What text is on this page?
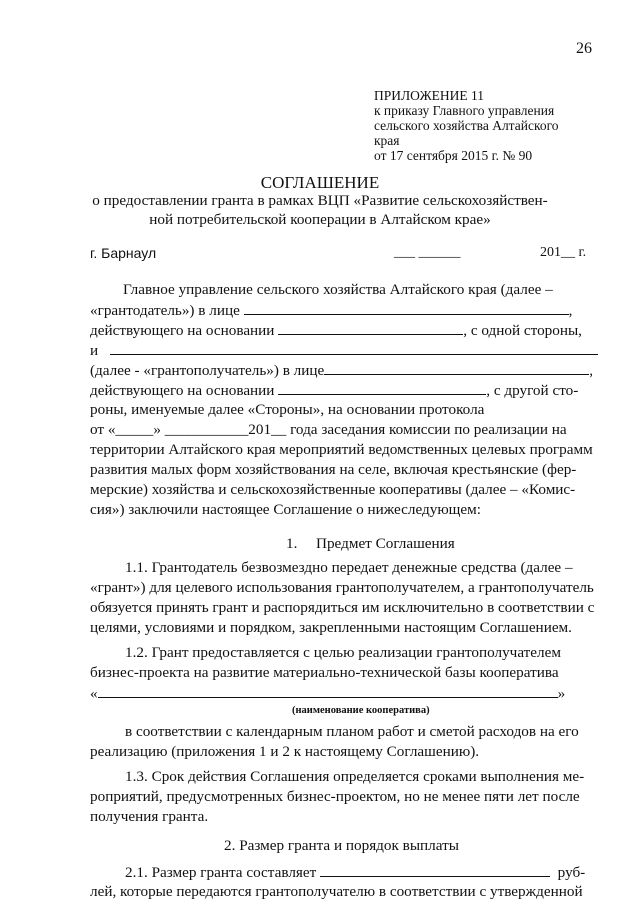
26
ПРИЛОЖЕНИЕ 11
к приказу Главного управления
сельского хозяйства Алтайского
края
от 17 сентября 2015 г. № 90
СОГЛАШЕНИЕ
о предоставлении гранта в рамках ВЦП «Развитие сельскохозяйствен-
ной потребительской кооперации в Алтайском крае»
г. Барнаул	___ ______	201__ г.
Главное управление сельского хозяйства Алтайского края (далее –
«грантодатель») в лице	,
действующего на основании	, с одной стороны,
и
(далее - «грантополучатель») в лице	,
действующего на основании	, с другой сто-
роны, именуемые далее «Стороны», на основании протокола
от «_____» ___________201__ года заседания комиссии по реализации на
территории Алтайского края мероприятий ведомственных целевых программ
развития малых форм хозяйствования на селе, включая крестьянские (фер-
мерские) хозяйства и сельскохозяйственные кооперативы (далее – «Комис-
сия») заключили настоящее Соглашение о нижеследующем:
1. Предмет Соглашения
1.1. Грантодатель безвозмездно передает денежные средства (далее –
«грант») для целевого использования грантополучателем, а грантополучатель
обязуется принять грант и распорядиться им исключительно в соответствии с
целями, условиями и порядком, закрепленными настоящим Соглашением.
1.2. Грант предоставляется с целью реализации грантополучателем
бизнес-проекта на развитие материально-технической базы кооператива
«	»
(наименование кооператива)
в соответствии с календарным планом работ и сметой расходов на его
реализацию (приложения 1 и 2 к настоящему Соглашению).
1.3. Срок действия Соглашения определяется сроками выполнения ме-
роприятий, предусмотренных бизнес-проектом, но не менее пяти лет после
получения гранта.
2. Размер гранта и порядок выплаты
2.1. Размер гранта составляет	руб-
лей, которые передаются грантополучателю в соответствии с утвержденной
